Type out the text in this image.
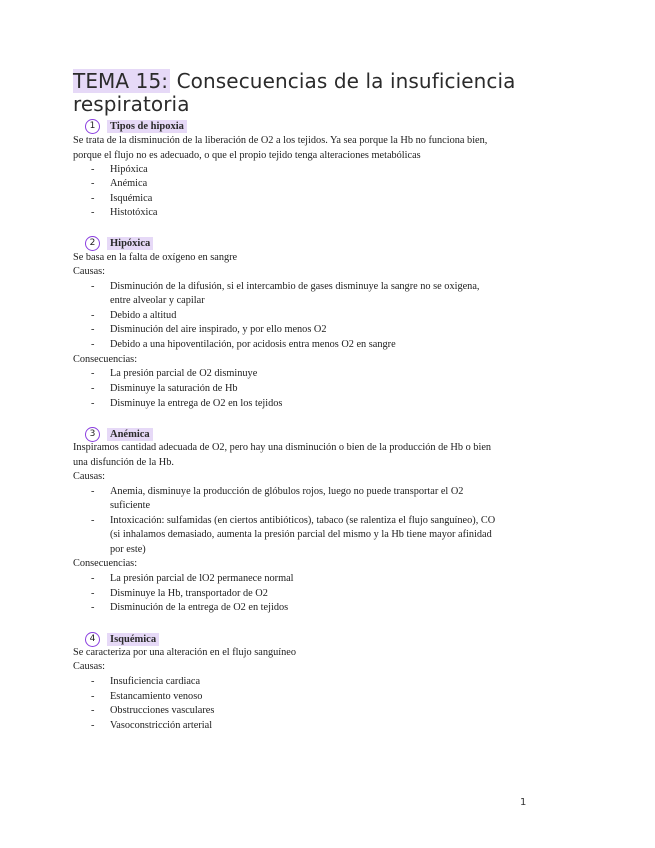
TEMA 15: Consecuencias de la insuficiencia
respiratoria
1	Tipos de hipoxia
Se trata de la disminución de la liberación de O2 a los tejidos. Ya sea porque la Hb no funciona bien,
porque el flujo no es adecuado, o que el propio tejido tenga alteraciones metabólicas
- Hipóxica
- Anémica
- Isquémica
- Histotóxica
2	Hipóxica
Se basa en la falta de oxígeno en sangre
Causas:
- Disminución de la difusión, si el intercambio de gases disminuye la sangre no se oxigena,
entre alveolar y capilar
- Debido a altitud
- Disminución del aire inspirado, y por ello menos O2
- Debido a una hipoventilación, por acidosis entra menos O2 en sangre
Consecuencias:
- La presión parcial de O2 disminuye
- Disminuye la saturación de Hb
- Disminuye la entrega de O2 en los tejidos
3	Anémica
Inspiramos cantidad adecuada de O2, pero hay una disminución o bien de la producción de Hb o bien
una disfunción de la Hb.
Causas:
- Anemia, disminuye la producción de glóbulos rojos, luego no puede transportar el O2
suficiente
- Intoxicación: sulfamidas (en ciertos antibióticos), tabaco (se ralentiza el flujo sanguíneo), CO
(si inhalamos demasiado, aumenta la presión parcial del mismo y la Hb tiene mayor afinidad
por este)
Consecuencias:
- La presión parcial de lO2 permanece normal
- Disminuye la Hb, transportador de O2
- Disminución de la entrega de O2 en tejidos
4	Isquémica
Se caracteriza por una alteración en el flujo sanguíneo
Causas:
- Insuficiencia cardiaca
- Estancamiento venoso
- Obstrucciones vasculares
- Vasoconstricción arterial
1
